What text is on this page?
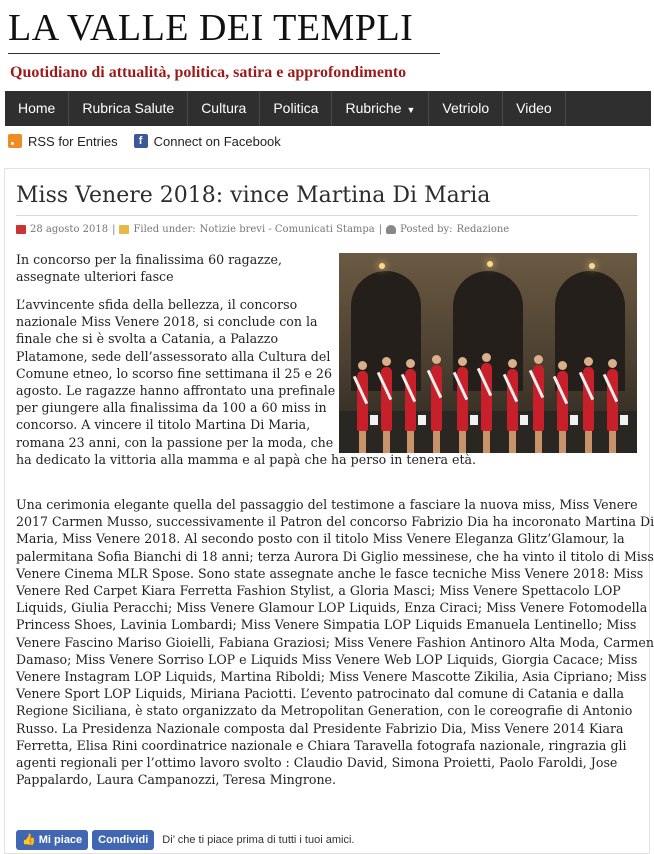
LA VALLE DEI TEMPLI
Quotidiano di attualità, politica, satira e approfondimento
Home	Rubrica Salute	Cultura	Politica	Rubriche ▼	Vetriolo	Video
RSS for Entries	f Connect on Facebook
Miss Venere 2018: vince Martina Di Maria
28 agosto 2018 | Filed under: Notizie brevi - Comunicati Stampa | Posted by: Redazione

In concorso per la finalissima 60 ragazze,
assegnate ulteriori fasce

L’avvincente sfida della bellezza, il concorso
nazionale Miss Venere 2018, si conclude con la
finale che si è svolta a Catania, a Palazzo
Platamone, sede dell’assessorato alla Cultura del
Comune etneo, lo scorso fine settimana il 25 e 26
agosto. Le ragazze hanno affrontato una prefinale
per giungere alla finalissima da 100 a 60 miss in
concorso. A vincere il titolo Martina Di Maria,
romana 23 anni, con la passione per la moda, che
ha dedicato la vittoria alla mamma e al papà che ha perso in tenera età.

Una cerimonia elegante quella del passaggio del testimone a fasciare la nuova miss, Miss Venere
2017 Carmen Musso, successivamente il Patron del concorso Fabrizio Dia ha incoronato Martina Di
Maria, Miss Venere 2018. Al secondo posto con il titolo Miss Venere Eleganza Glitz’Glamour, la
palermitana Sofia Bianchi di 18 anni; terza Aurora Di Giglio messinese, che ha vinto il titolo di Miss
Venere Cinema MLR Spose. Sono state assegnate anche le fasce tecniche Miss Venere 2018: Miss
Venere Red Carpet Kiara Ferretta Fashion Stylist, a Gloria Masci; Miss Venere Spettacolo LOP
Liquids, Giulia Peracchi; Miss Venere Glamour LOP Liquids, Enza Ciraci; Miss Venere Fotomodella
Princess Shoes, Lavinia Lombardi; Miss Venere Simpatia LOP Liquids Emanuela Lentinello; Miss
Venere Fascino Mariso Gioielli, Fabiana Graziosi; Miss Venere Fashion Antinoro Alta Moda, Carmen
Damaso; Miss Venere Sorriso LOP e Liquids Miss Venere Web LOP Liquids, Giorgia Cacace; Miss
Venere Instagram LOP Liquids, Martina Riboldi; Miss Venere Mascotte Zikilia, Asia Cipriano; Miss
Venere Sport LOP Liquids, Miriana Paciotti. L’evento patrocinato dal comune di Catania e dalla
Regione Siciliana, è stato organizzato da Metropolitan Generation, con le coreografie di Antonio
Russo. La Presidenza Nazionale composta dal Presidente Fabrizio Dia, Miss Venere 2014 Kiara
Ferretta, Elisa Rini coordinatrice nazionale e Chiara Taravella fotografa nazionale, ringrazia gli
agenti regionali per l’ottimo lavoro svolto : Claudio David, Simona Proietti, Paolo Faroldi, Jose
Pappalardo, Laura Campanozzi, Teresa Mingrone.

👍 Mi piace	Condividi	Di’ che ti piace prima di tutti i tuoi amici.
